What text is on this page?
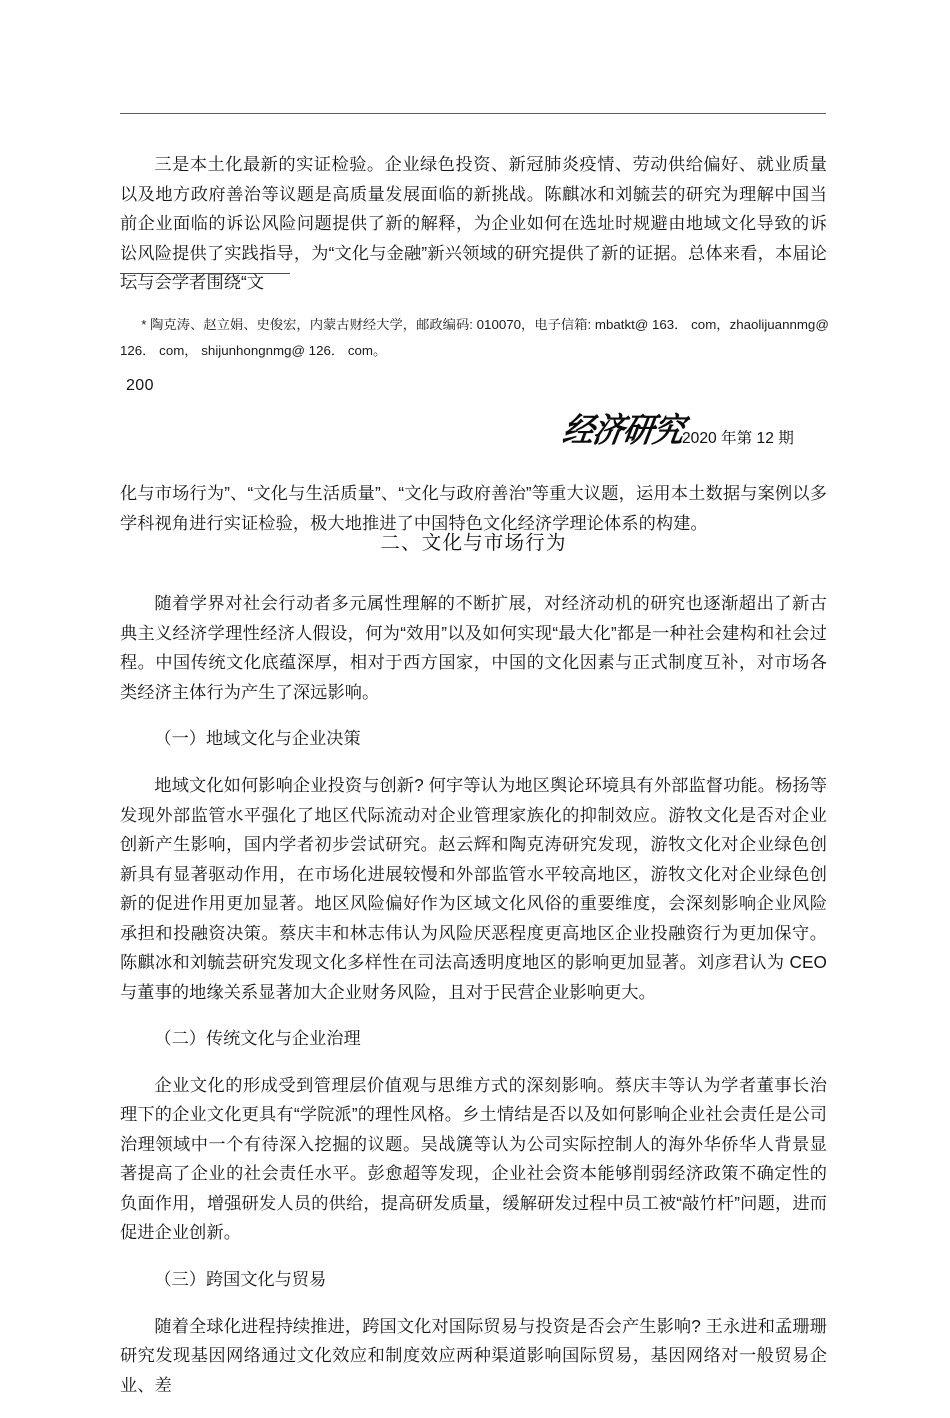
三是本土化最新的实证检验。企业绿色投资、新冠肺炎疫情、劳动供给偏好、就业质量以及地方政府善治等议题是高质量发展面临的新挑战。陈麒冰和刘毓芸的研究为理解中国当前企业面临的诉讼风险问题提供了新的解释，为企业如何在选址时规避由地域文化导致的诉讼风险提供了实践指导，为“文化与金融”新兴领域的研究提供了新的证据。总体来看，本届论坛与会学者围绕“文

* 陶克涛、赵立娟、史俊宏，内蒙古财经大学，邮政编码: 010070，电子信箱: mbatkt@ 163． com，zhaolijuannmg@
126． com， shijunhongnmg@ 126． com。
200
经济研究
2020 年第 12 期

化与市场行为”、“文化与生活质量”、“文化与政府善治”等重大议题，运用本土数据与案例以多学科视角进行实证检验，极大地推进了中国特色文化经济学理论体系的构建。

二、文化与市场行为

随着学界对社会行动者多元属性理解的不断扩展，对经济动机的研究也逐渐超出了新古典主义经济学理性经济人假设，何为“效用”以及如何实现“最大化”都是一种社会建构和社会过程。中国传统文化底蕴深厚，相对于西方国家，中国的文化因素与正式制度互补，对市场各类经济主体行为产生了深远影响。

（一）地域文化与企业决策

地域文化如何影响企业投资与创新? 何宇等认为地区舆论环境具有外部监督功能。杨扬等发现外部监管水平强化了地区代际流动对企业管理家族化的抑制效应。游牧文化是否对企业创新产生影响，国内学者初步尝试研究。赵云辉和陶克涛研究发现，游牧文化对企业绿色创新具有显著驱动作用，在市场化进展较慢和外部监管水平较高地区，游牧文化对企业绿色创新的促进作用更加显著。地区风险偏好作为区域文化风俗的重要维度，会深刻影响企业风险承担和投融资决策。蔡庆丰和林志伟认为风险厌恶程度更高地区企业投融资行为更加保守。陈麒冰和刘毓芸研究发现文化多样性在司法高透明度地区的影响更加显著。刘彦君认为 CEO 与董事的地缘关系显著加大企业财务风险，且对于民营企业影响更大。

（二）传统文化与企业治理

企业文化的形成受到管理层价值观与思维方式的深刻影响。蔡庆丰等认为学者董事长治理下的企业文化更具有“学院派”的理性风格。乡土情结是否以及如何影响企业社会责任是公司治理领域中一个有待深入挖掘的议题。吴战篪等认为公司实际控制人的海外华侨华人背景显著提高了企业的社会责任水平。彭愈超等发现，企业社会资本能够削弱经济政策不确定性的负面作用，增强研发人员的供给，提高研发质量，缓解研发过程中员工被“敲竹杆”问题，进而促进企业创新。

（三）跨国文化与贸易

随着全球化进程持续推进，跨国文化对国际贸易与投资是否会产生影响? 王永进和孟珊珊研究发现基因网络通过文化效应和制度效应两种渠道影响国际贸易，基因网络对一般贸易企业、差
